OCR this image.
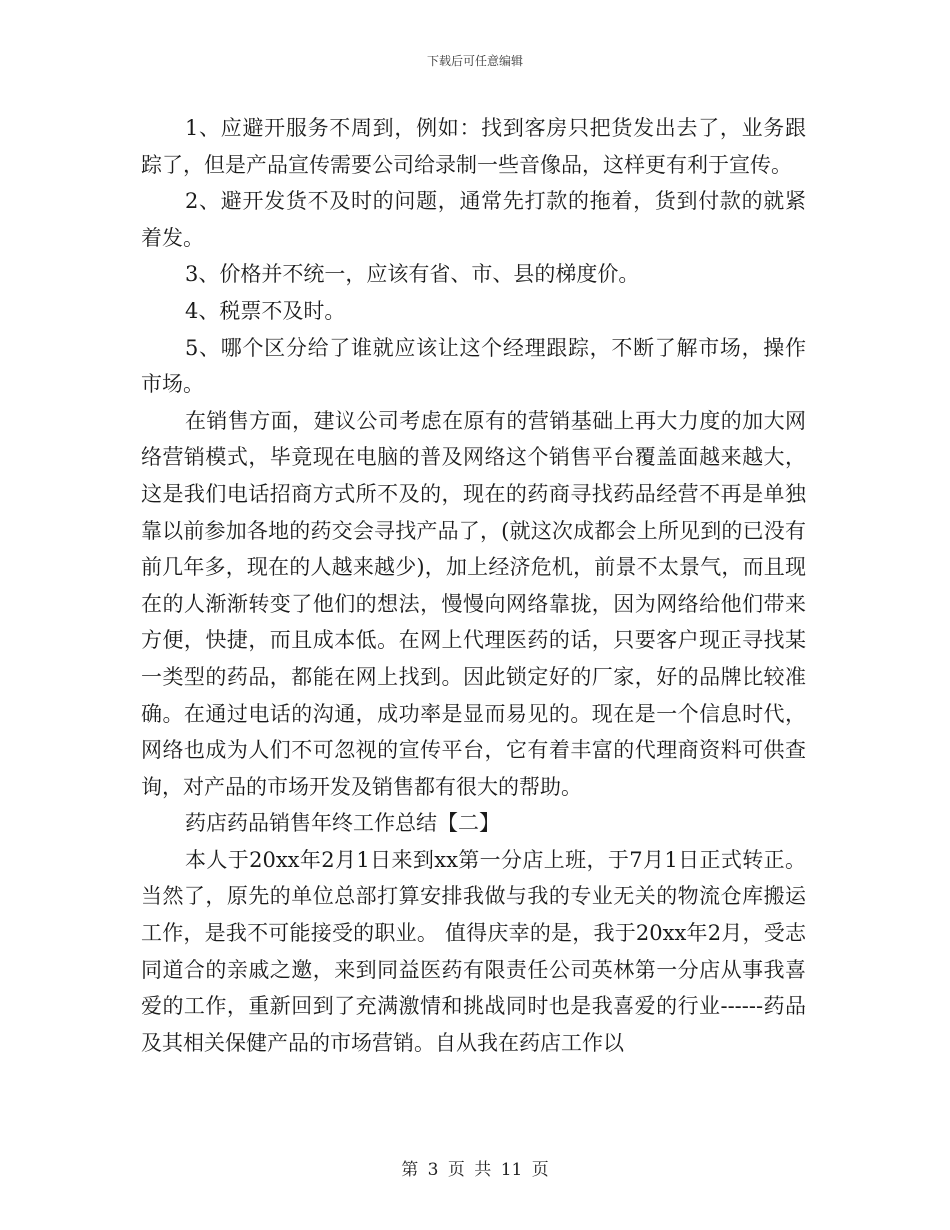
下载后可任意编辑

1、应避开服务不周到，例如：找到客房只把货发出去了，业务跟踪了，但是产品宣传需要公司给录制一些音像品，这样更有利于宣传。

2、避开发货不及时的问题，通常先打款的拖着，货到付款的就紧着发。

3、价格并不统一，应该有省、市、县的梯度价。

4、税票不及时。

5、哪个区分给了谁就应该让这个经理跟踪，不断了解市场，操作市场。

在销售方面，建议公司考虑在原有的营销基础上再大力度的加大网络营销模式，毕竟现在电脑的普及网络这个销售平台覆盖面越来越大，这是我们电话招商方式所不及的，现在的药商寻找药品经营不再是单独靠以前参加各地的药交会寻找产品了，(就这次成都会上所见到的已没有前几年多，现在的人越来越少)，加上经济危机，前景不太景气，而且现在的人渐渐转变了他们的想法，慢慢向网络靠拢，因为网络给他们带来方便，快捷，而且成本低。在网上代理医药的话，只要客户现正寻找某一类型的药品，都能在网上找到。因此锁定好的厂家，好的品牌比较准确。在通过电话的沟通，成功率是显而易见的。现在是一个信息时代，网络也成为人们不可忽视的宣传平台，它有着丰富的代理商资料可供查询，对产品的市场开发及销售都有很大的帮助。

药店药品销售年终工作总结【二】

本人于20xx年2月1日来到xx第一分店上班，于7月1日正式转正。当然了，原先的单位总部打算安排我做与我的专业无关的物流仓库搬运工作，是我不可能接受的职业。 值得庆幸的是，我于20xx年2月，受志同道合的亲戚之邀，来到同益医药有限责任公司英林第一分店从事我喜爱的工作，重新回到了充满激情和挑战同时也是我喜爱的行业------药品及其相关保健产品的市场营销。自从我在药店工作以

第 3 页 共 11 页
